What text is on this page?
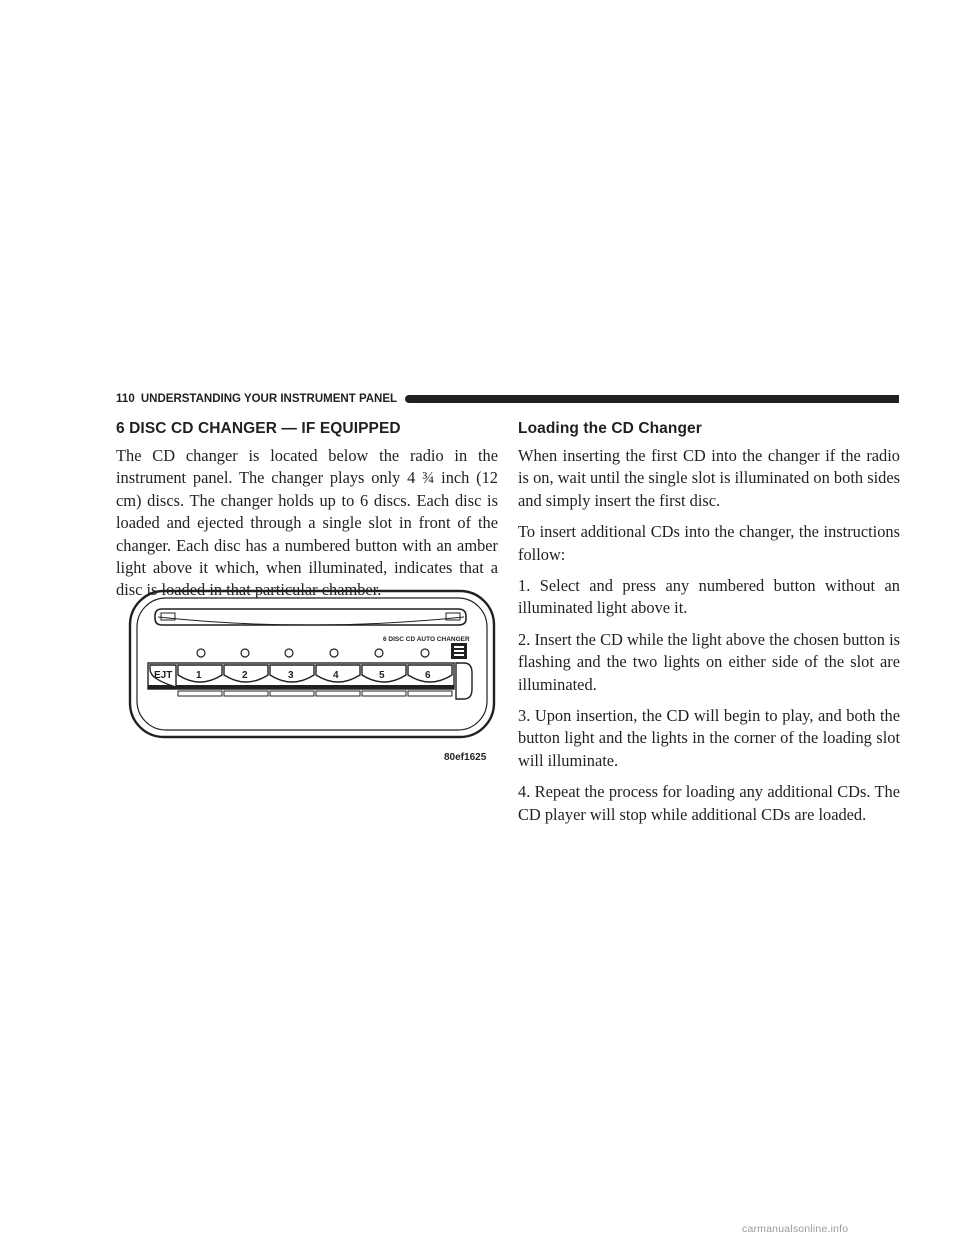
110 UNDERSTANDING YOUR INSTRUMENT PANEL
6 DISC CD CHANGER — IF EQUIPPED

The CD changer is located below the radio in the instrument panel. The changer plays only 4 ¾ inch (12 cm) discs. The changer holds up to 6 discs. Each disc is loaded and ejected through a single slot in front of the changer. Each disc has a numbered button with an amber light above it which, when illuminated, indicates that a disc is loaded in that particular chamber.

6 DISC CD AUTO CHANGER
EJT 1	2	3	4	5	6
80ef1625
Loading the CD Changer

When inserting the first CD into the changer if the radio is on, wait until the single slot is illuminated on both sides and simply insert the first disc.

To insert additional CDs into the changer, the instructions follow:

1. Select and press any numbered button without an illuminated light above it.

2. Insert the CD while the light above the chosen button is flashing and the two lights on either side of the slot are illuminated.

3. Upon insertion, the CD will begin to play, and both the button light and the lights in the corner of the loading slot will illuminate.

4. Repeat the process for loading any additional CDs. The CD player will stop while additional CDs are loaded.

carmanualsonline.info
